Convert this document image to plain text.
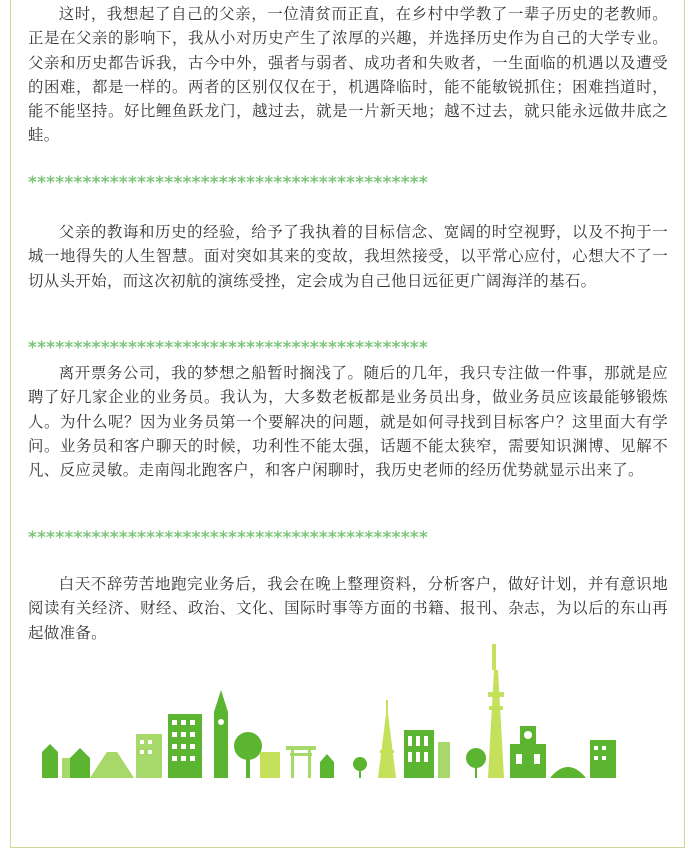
这时，我想起了自己的父亲，一位清贫而正直，在乡村中学教了一辈子历史的老教师。正是在父亲的影响下，我从小对历史产生了浓厚的兴趣，并选择历史作为自己的大学专业。父亲和历史都告诉我，古今中外，强者与弱者、成功者和失败者，一生面临的机遇以及遭受的困难，都是一样的。两者的区别仅仅在于，机遇降临时，能不能敏锐抓住；困难挡道时，能不能坚持。好比鲤鱼跃龙门，越过去，就是一片新天地；越不过去，就只能永远做井底之蛙。

********************************************

父亲的教诲和历史的经验，给予了我执着的目标信念、宽阔的时空视野，以及不拘于一城一地得失的人生智慧。面对突如其来的变故，我坦然接受，以平常心应付，心想大不了一切从头开始，而这次初航的演练受挫，定会成为自己他日远征更广阔海洋的基石。

********************************************

离开票务公司，我的梦想之船暂时搁浅了。随后的几年，我只专注做一件事，那就是应聘了好几家企业的业务员。我认为，大多数老板都是业务员出身，做业务员应该最能够锻炼人。为什么呢？因为业务员第一个要解决的问题，就是如何寻找到目标客户？这里面大有学问。业务员和客户聊天的时候，功利性不能太强，话题不能太狭窄，需要知识渊博、见解不凡、反应灵敏。走南闯北跑客户，和客户闲聊时，我历史老师的经历优势就显示出来了。

********************************************

白天不辞劳苦地跑完业务后，我会在晚上整理资料，分析客户，做好计划，并有意识地阅读有关经济、财经、政治、文化、国际时事等方面的书籍、报刊、杂志，为以后的东山再起做准备。
